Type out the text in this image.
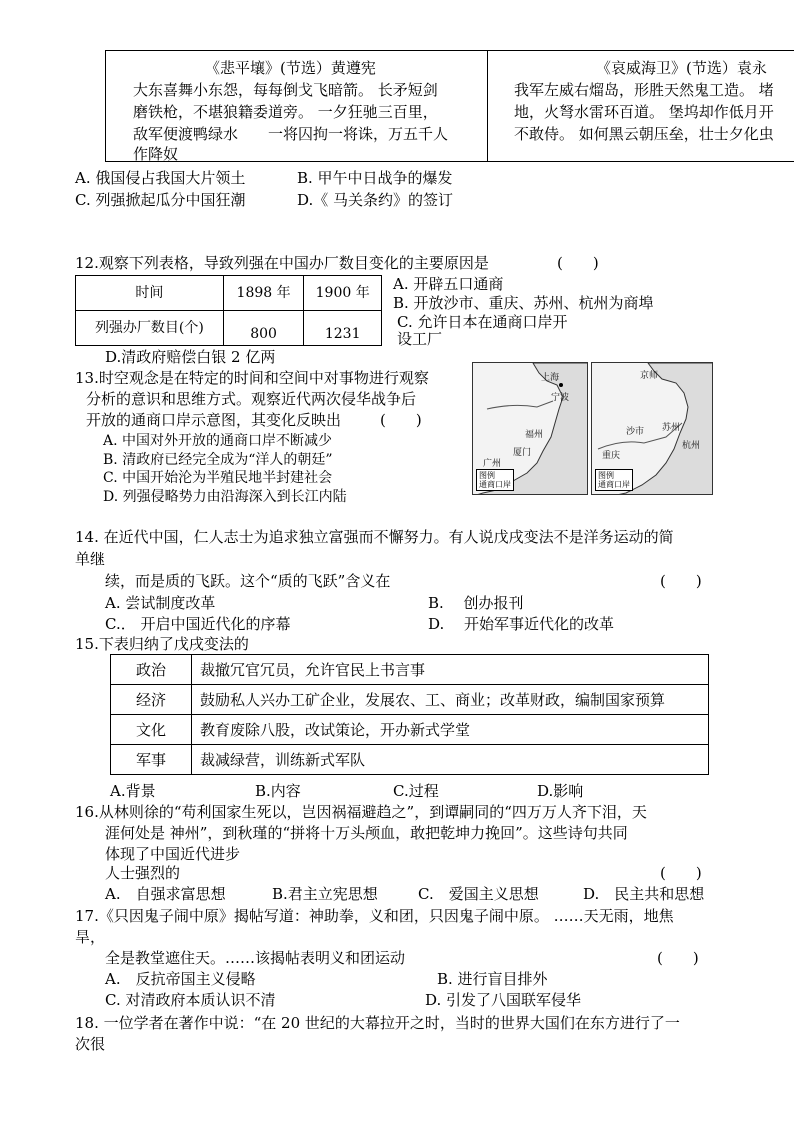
《悲平壤》(节选）黄遵宪
大东喜舞小东怨，每每倒戈飞暗箭。 长矛短剑
磨铁枪，不堪狼籍委道旁。 一夕狂驰三百里，
敌军便渡鸭绿水　　一将囚拘一将诛，万五千人
作降奴
《哀威海卫》(节选）袁永
我军左威右熘岛，形胜天然鬼工造。 堵
地，火弩水雷环百道。 堡坞却作低月开
不敢侍。 如何黑云朝压垒，壮士夕化虫
A. 俄国侵占我国大片领土	B. 甲午中日战争的爆发
C. 列强掀起瓜分中国狂潮	D.《 马关条约》的签订
12.观察下列表格，导致列强在中国办厂数目变化的主要原因是	(　　)
时间	1898 年	1900 年
列强办厂数目(个)	800	1231
A. 开辟五口通商
B. 开放沙市、重庆、苏州、杭州为商埠
C. 允许日本在通商口岸开
设工厂
D.清政府赔偿白银 2 亿两
13.时空观念是在特定的时间和空间中对事物进行观察
分析的意识和思维方式。观察近代两次侵华战争后
开放的通商口岸示意图，其变化反映出	(　　)
A. 中国对外开放的通商口岸不断减少
B. 清政府已经完全成为“洋人的朝廷”
C. 中国开始沦为半殖民地半封建社会
D. 列强侵略势力由沿海深入到长江内陆
上海
宁波
福州
厦门
广州
图例
通商口岸
京师
沙市 苏州
杭州
重庆
图例
通商口岸
14. 在近代中国，仁人志士为追求独立富强而不懈努力。有人说戊戌变法不是洋务运动的简
单继
续，而是质的飞跃。这个“质的飞跃”含义在	(　　)
A. 尝试制度改革	B.　 创办报刊
C.． 开启中国近代化的序幕	D.　 开始军事近代化的改革
15.下表归纳了戊戌变法的
政治	裁撤冗官冗员，允许官民上书言事
经济	鼓励私人兴办工矿企业，发展农、工、商业；改革财政，编制国家预算
文化	教育废除八股，改试策论，开办新式学堂
军事	裁减绿营，训练新式军队
A.背景	B.内容	C.过程	D.影响
16.从林则徐的“苟利国家生死以，岂因祸福避趋之”，到谭嗣同的“四万万人齐下泪，天
涯何处是 神州”，到秋瑾的“拼将十万头颅血，敢把乾坤力挽回”。这些诗句共同
体现了中国近代进步
人士强烈的	(　　)
A.　自强求富思想	B.君主立宪思想	C.　爱国主义思想	D.　民主共和思想
17.《只因鬼子闹中原》揭帖写道：神助拳，义和团，只因鬼子闹中原。 ……天无雨，地焦
旱，
全是教堂遮住天。……该揭帖表明义和团运动	(　　)
A.　反抗帝国主义侵略	B. 进行盲目排外
C. 对清政府本质认识不清	D. 引发了八国联军侵华
18. 一位学者在著作中说：“在 20 世纪的大幕拉开之时，当时的世界大国们在东方进行了一
次很
